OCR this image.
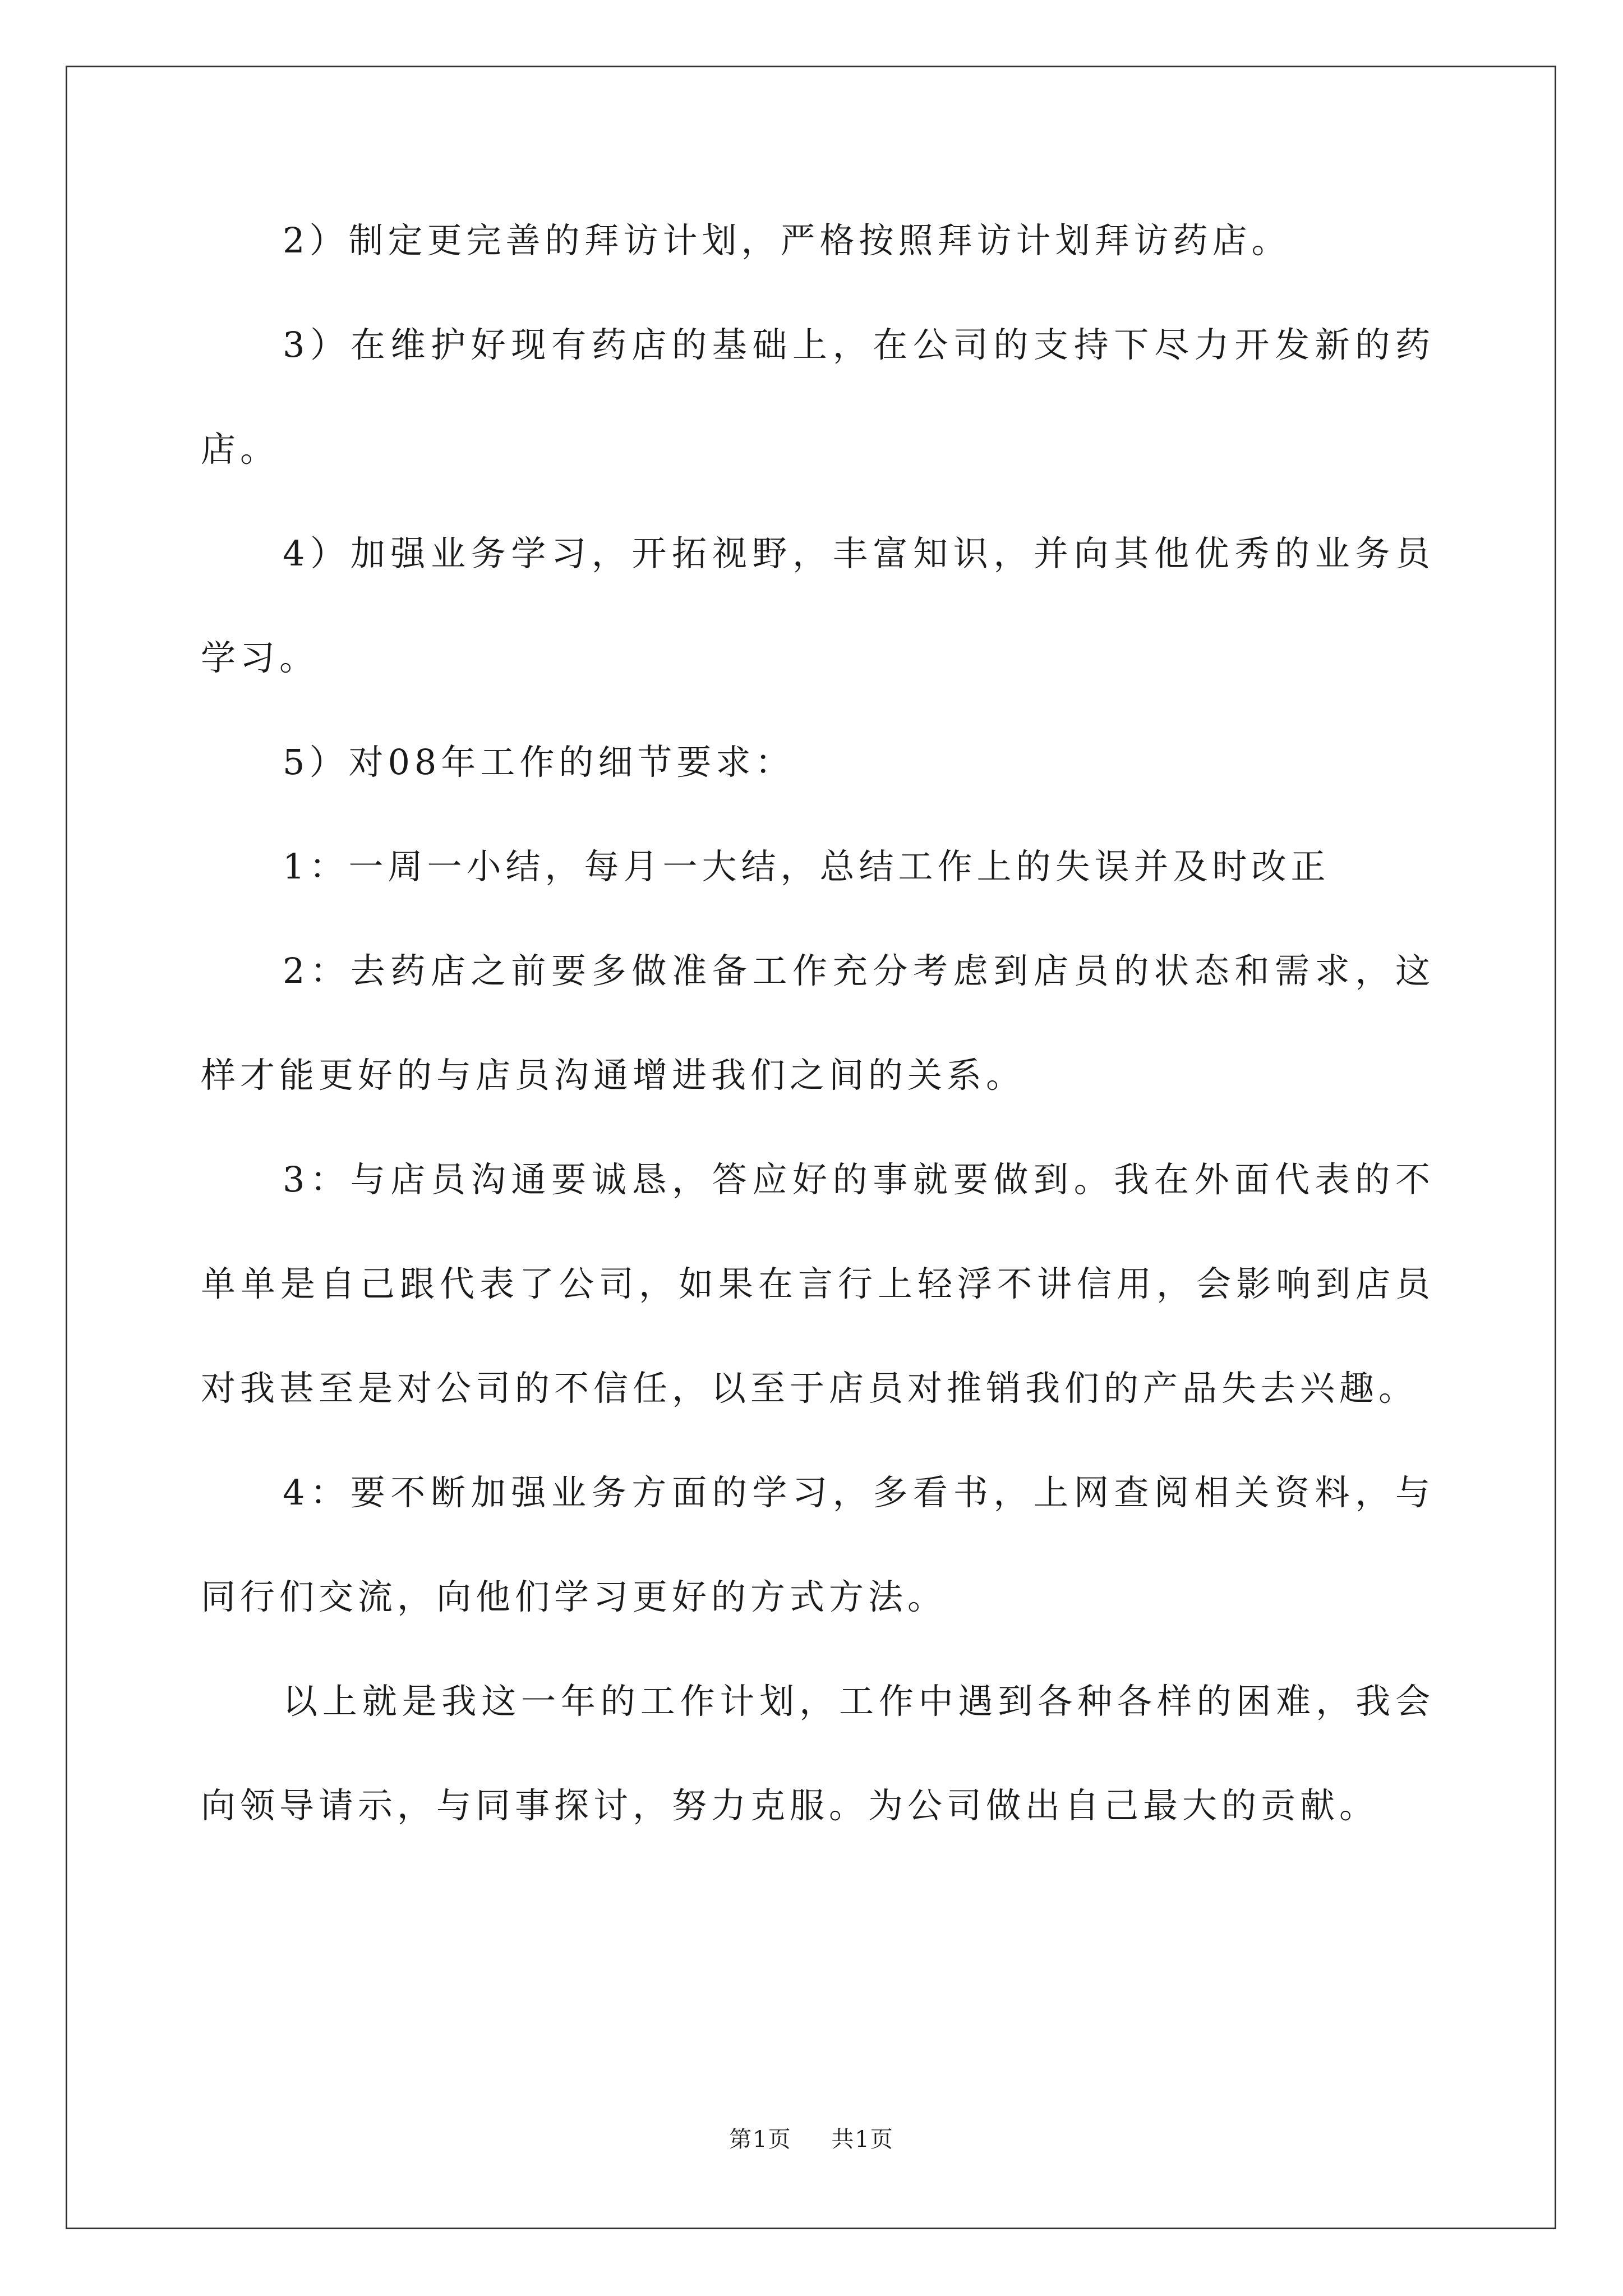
2）制定更完善的拜访计划，严格按照拜访计划拜访药店。

3）在维护好现有药店的基础上，在公司的支持下尽力开发新的药店。

4）加强业务学习，开拓视野，丰富知识，并向其他优秀的业务员学习。

5）对08年工作的细节要求：

1：一周一小结，每月一大结，总结工作上的失误并及时改正

2：去药店之前要多做准备工作充分考虑到店员的状态和需求，这样才能更好的与店员沟通增进我们之间的关系。

3：与店员沟通要诚恳，答应好的事就要做到。我在外面代表的不单单是自己跟代表了公司，如果在言行上轻浮不讲信用，会影响到店员对我甚至是对公司的不信任，以至于店员对推销我们的产品失去兴趣。

4：要不断加强业务方面的学习，多看书，上网查阅相关资料，与同行们交流，向他们学习更好的方式方法。

以上就是我这一年的工作计划，工作中遇到各种各样的困难，我会向领导请示，与同事探讨，努力克服。为公司做出自己最大的贡献。

第1页 共1页
